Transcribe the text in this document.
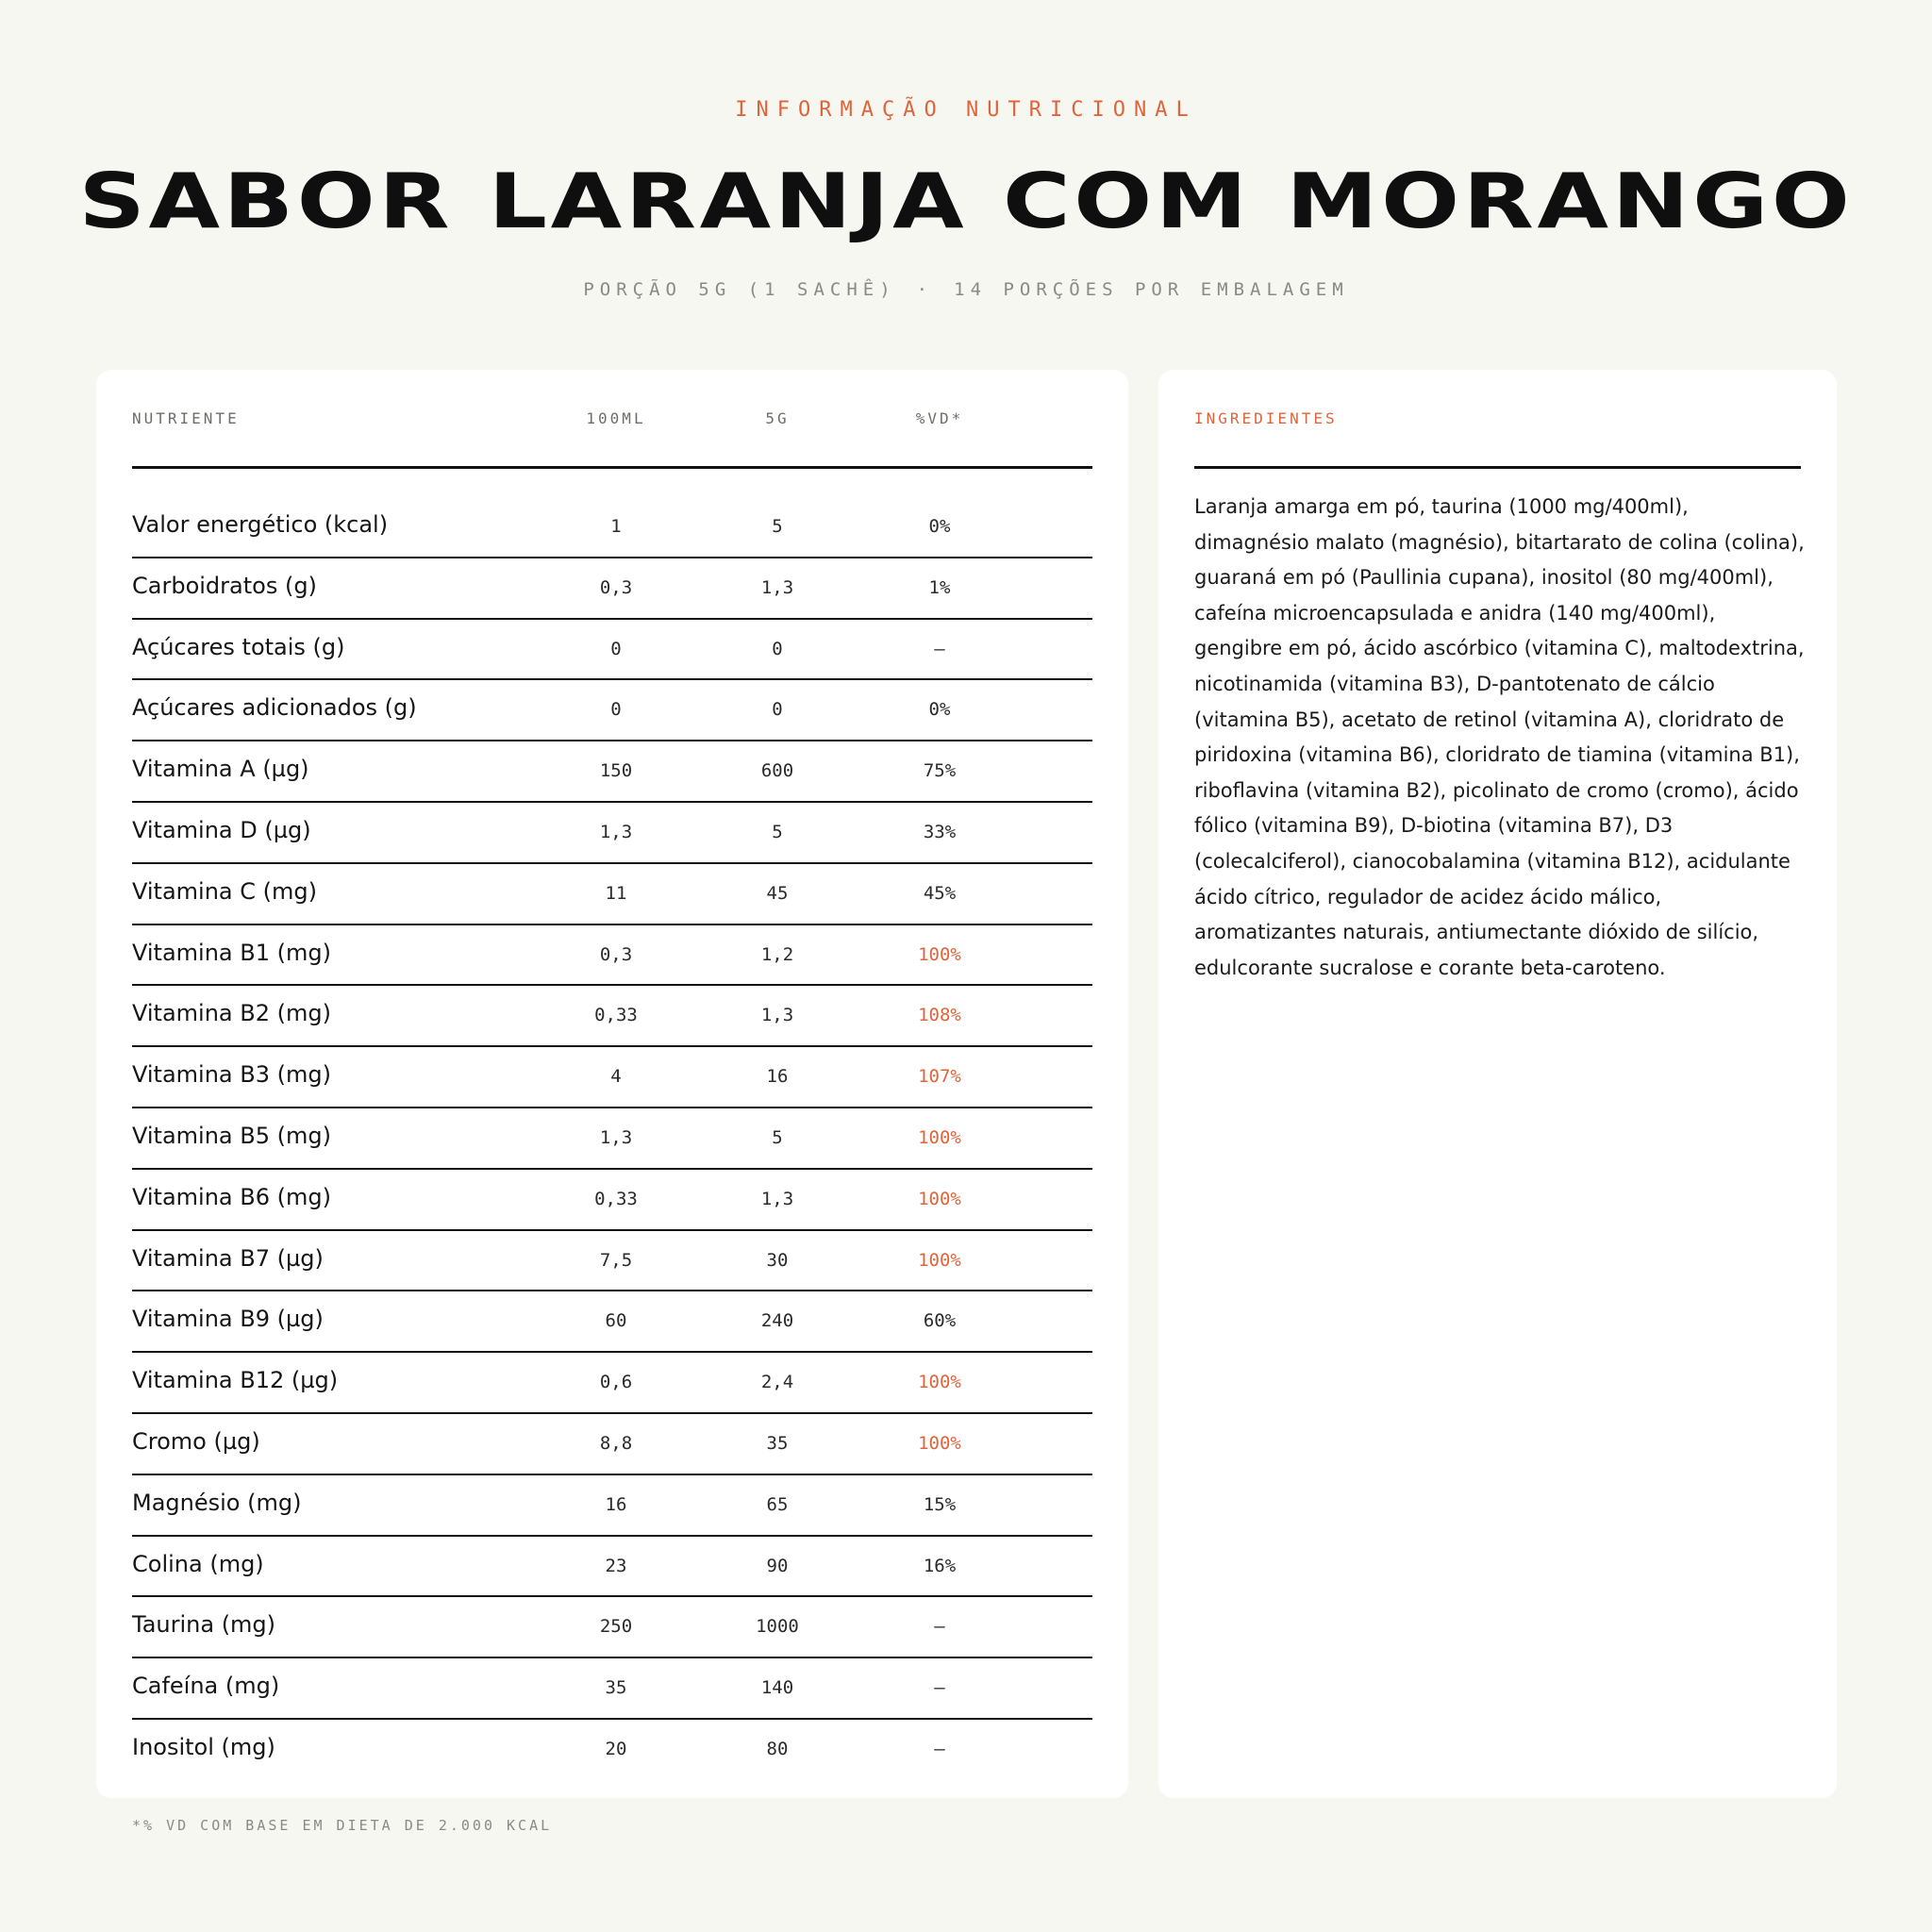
INFORMAÇÃO NUTRICIONAL
SABOR LARANJA COM MORANGO
PORÇÃO 5G (1 SACHÊ) · 14 PORÇÕES POR EMBALAGEM
NUTRIENTE	100ML	5G	%VD*
Valor energético (kcal)	1	5	0%
Carboidratos (g)	0,3	1,3	1%
Açúcares totais (g)	0	0	—
Açúcares adicionados (g)	0	0	0%
Vitamina A (µg)	150	600	75%
Vitamina D (µg)	1,3	5	33%
Vitamina C (mg)	11	45	45%
Vitamina B1 (mg)	0,3	1,2	100%
Vitamina B2 (mg)	0,33	1,3	108%
Vitamina B3 (mg)	4	16	107%
Vitamina B5 (mg)	1,3	5	100%
Vitamina B6 (mg)	0,33	1,3	100%
Vitamina B7 (µg)	7,5	30	100%
Vitamina B9 (µg)	60	240	60%
Vitamina B12 (µg)	0,6	2,4	100%
Cromo (µg)	8,8	35	100%
Magnésio (mg)	16	65	15%
Colina (mg)	23	90	16%
Taurina (mg)	250	1000	—
Cafeína (mg)	35	140	—
Inositol (mg)	20	80	—
INGREDIENTES

Laranja amarga em pó, taurina (1000 mg/400ml), dimagnésio malato (magnésio), bitartarato de colina (colina), guaraná em pó (Paullinia cupana), inositol (80 mg/400ml), cafeína microencapsulada e anidra (140 mg/400ml), gengibre em pó, ácido ascórbico (vitamina C), maltodextrina, nicotinamida (vitamina B3), D-pantotenato de cálcio (vitamina B5), acetato de retinol (vitamina A), cloridrato de piridoxina (vitamina B6), cloridrato de tiamina (vitamina B1), riboflavina (vitamina B2), picolinato de cromo (cromo), ácido fólico (vitamina B9), D-biotina (vitamina B7), D3 (colecalciferol), cianocobalamina (vitamina B12), acidulante ácido cítrico, regulador de acidez ácido málico, aromatizantes naturais, antiumectante dióxido de silício, edulcorante sucralose e corante beta-caroteno.

*% VD COM BASE EM DIETA DE 2.000 KCAL
